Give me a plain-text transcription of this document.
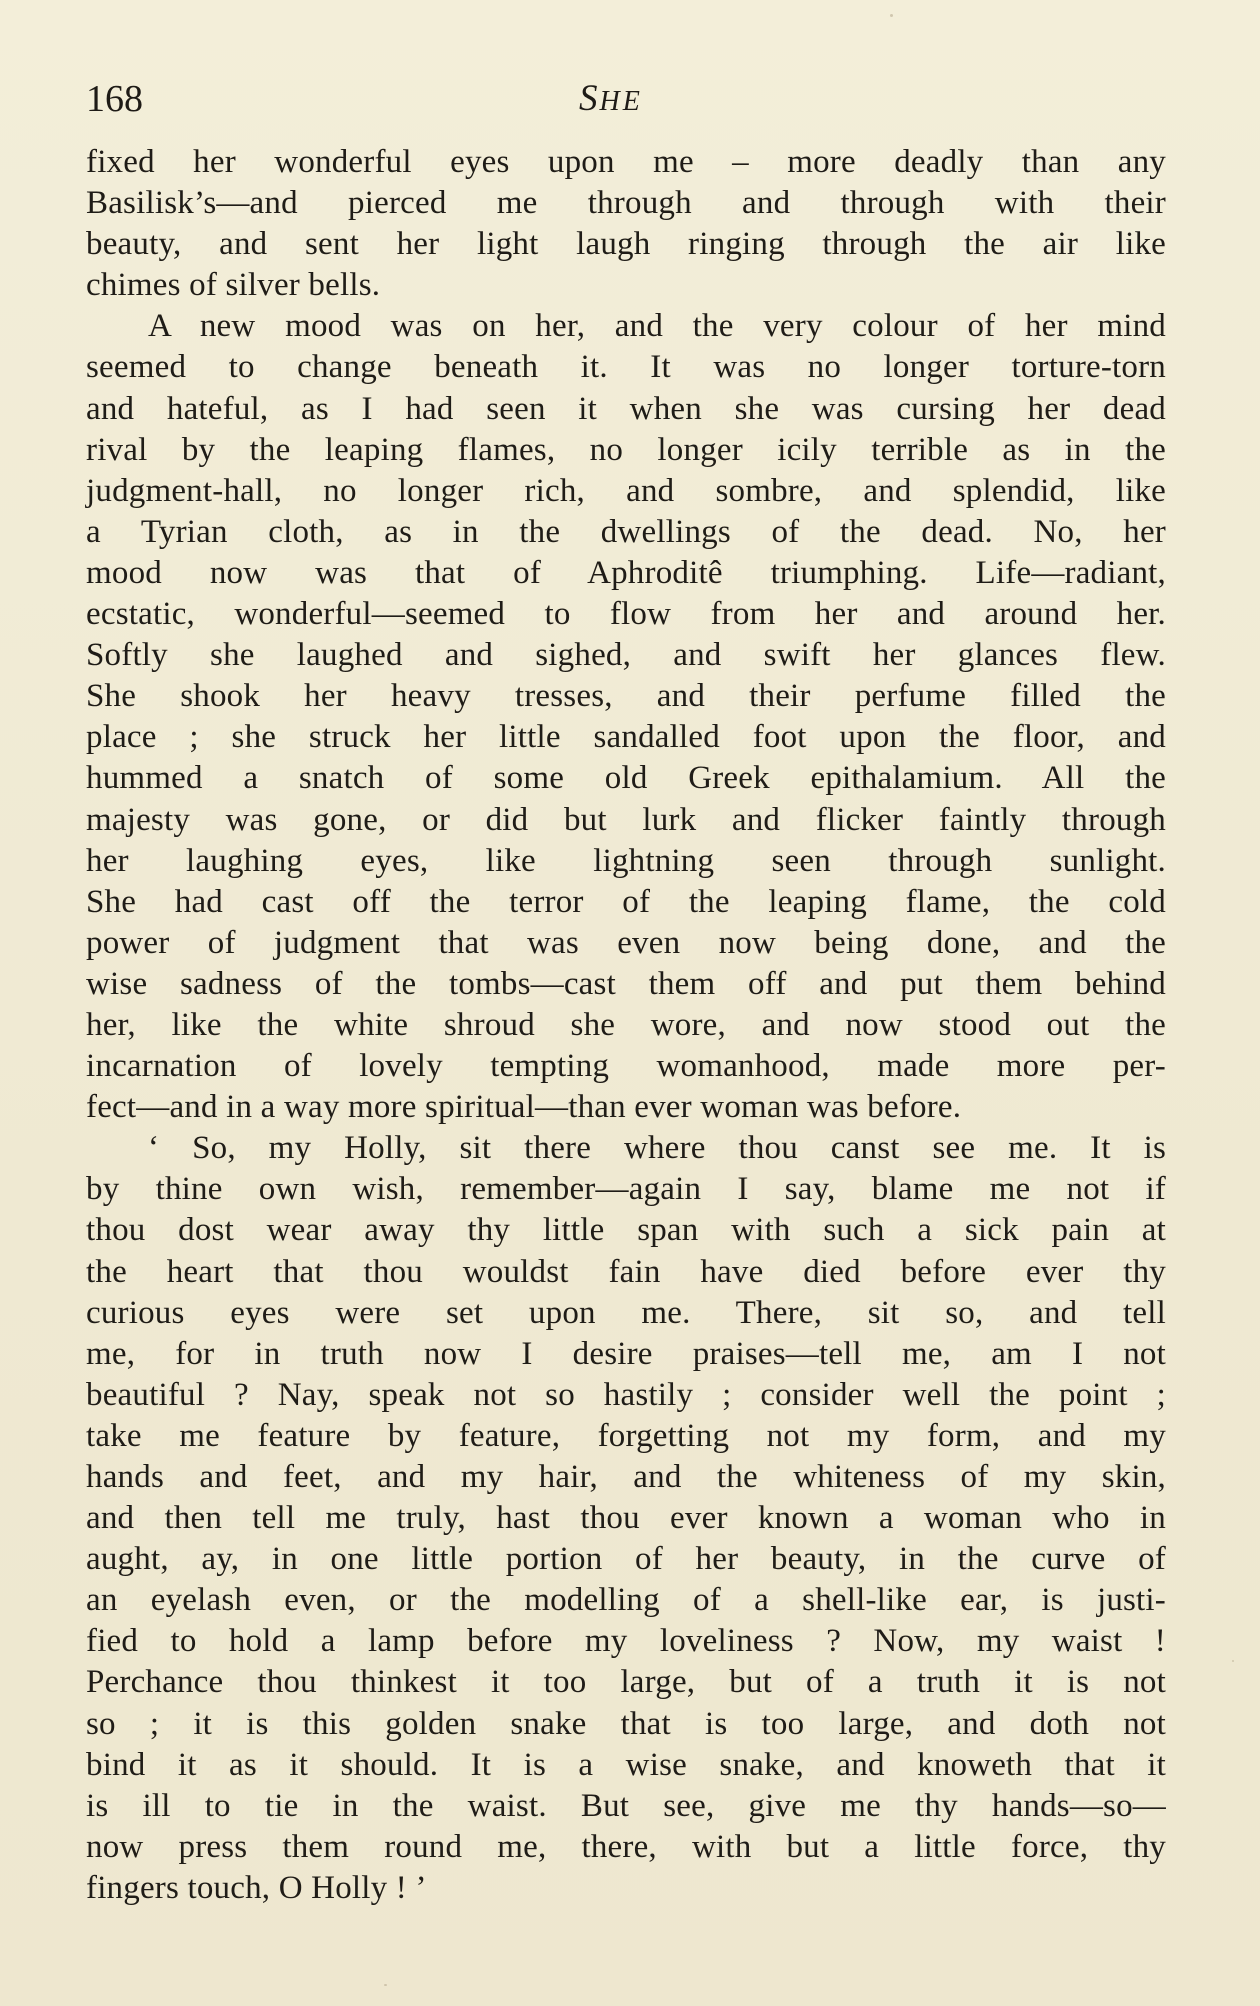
168	SHE

fixed her wonderful eyes upon me – more deadly than any
Basilisk’s—and pierced me through and through with their
beauty, and sent her light laugh ringing through the air like
chimes of silver bells.

A new mood was on her, and the very colour of her mind
seemed to change beneath it. It was no longer torture-torn
and hateful, as I had seen it when she was cursing her dead
rival by the leaping flames, no longer icily terrible as in the
judgment-hall, no longer rich, and sombre, and splendid, like
a Tyrian cloth, as in the dwellings of the dead. No, her
mood now was that of Aphroditê triumphing. Life—radiant,
ecstatic, wonderful—seemed to flow from her and around her.
Softly she laughed and sighed, and swift her glances flew.
She shook her heavy tresses, and their perfume filled the
place ; she struck her little sandalled foot upon the floor, and
hummed a snatch of some old Greek epithalamium. All the
majesty was gone, or did but lurk and flicker faintly through
her laughing eyes, like lightning seen through sunlight.
She had cast off the terror of the leaping flame, the cold
power of judgment that was even now being done, and the
wise sadness of the tombs—cast them off and put them behind
her, like the white shroud she wore, and now stood out the
incarnation of lovely tempting womanhood, made more per-
fect—and in a way more spiritual—than ever woman was before.

‘ So, my Holly, sit there where thou canst see me. It is
by thine own wish, remember—again I say, blame me not if
thou dost wear away thy little span with such a sick pain at
the heart that thou wouldst fain have died before ever thy
curious eyes were set upon me. There, sit so, and tell
me, for in truth now I desire praises—tell me, am I not
beautiful ? Nay, speak not so hastily ; consider well the point ;
take me feature by feature, forgetting not my form, and my
hands and feet, and my hair, and the whiteness of my skin,
and then tell me truly, hast thou ever known a woman who in
aught, ay, in one little portion of her beauty, in the curve of
an eyelash even, or the modelling of a shell-like ear, is justi-
fied to hold a lamp before my loveliness ? Now, my waist !
Perchance thou thinkest it too large, but of a truth it is not
so ; it is this golden snake that is too large, and doth not
bind it as it should. It is a wise snake, and knoweth that it
is ill to tie in the waist. But see, give me thy hands—so—
now press them round me, there, with but a little force, thy
fingers touch, O Holly ! ’
